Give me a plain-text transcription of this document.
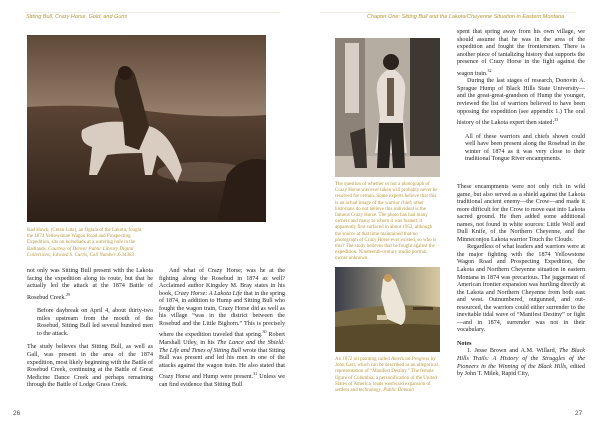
Sitting Bull, Crazy Horse, Gold, and Guns	Chapter One: Sitting Bull and the Lakota/Cheyenne Situation in Eastern Montana
Bad Hawk, (Cetan Luta), an Oglala of the Lakota, fought the 1874 Yellowstone Wagon Road and Prospecting Expedition, sits on horseback at a watering hole in the Badlands. Courtesy of Denver Public Library Digital Collections; Edward S. Curtis, Call Number X-34383

not only was Sitting Bull present with the Lakota facing the expedition along its route, but that he actually led the attack at the 1874 Battle of Rosebud Creek.$^{29}$

Before daybreak on April 4, about thirty-two miles upstream from the mouth of the Rosebud, Sitting Bull led several hundred men to the attack.

The study believes that Sitting Bull, as well as Gall, was present in the area of the 1874 expedition, most likely beginning with the Battle of Rosebud Creek, continuing at the Battle of Great Medicine Dance Creek and perhaps remaining through the Battle of Lodge Grass Creek.

And what of Crazy Horse; was he at the fighting along the Rosebud in 1874 as well? Acclaimed author Kingsley M. Bray states in his book, Crazy Horse: A Lakota Life that in the spring of 1874, in addition to Hump and Sitting Bull who fought the wagon train, Crazy Horse did as well as his village “was in the district between the Rosebud and the Little Bighorn.” This is precisely where the expedition traveled that spring.$^{30}$ Robert Marshall Utley, in his The Lance and the Shield: The Life and Times of Sitting Bull wrote that Sitting Bull was present and led his men in one of the attacks against the wagon train. He also stated that Crazy Horse and Hump were present.$^{31}$ Unless we can find evidence that Sitting Bull

26
The question of whether or not a photograph of Crazy Horse was ever taken will probably never be resolved for certain. Some experts believe that this is an actual image of the warrior chief; other historians do not believe this individual is the famous Crazy Horse. The photo has had many owners and many to whom it was loaned; it apparently first surfaced in about 1952, although the source at that time maintained that no photograph of Crazy Horse ever existed, so who is this? The study believes that he fought against the expedition. Nineteenth-century studio portrait, owner unknown.
An 1872 oil painting called American Progress by John Gast, which can be described as an allegorical representation of “Manifest Destiny.” The female figure of Columbia, a personification of the United States of America, leads westward expansion of settlers and technology. Public Domain

spent that spring away from his own village, we should assume that he was in the area of the expedition and fought the frontiersmen. There is another piece of tantalizing history that supports the presence of Crazy Horse in the fight against the wagon train.$^{32}$

During the last stages of research, Donovin A. Sprague Hump of Black Hills State University—and the great-great-grandson of Hump the younger, reviewed the list of warriors believed to have been opposing the expedition (see appendix 1.) The oral history of the Lakota expert then stated:$^{33}$

All of these warriors and chiefs shown could well have been present along the Rosebud in the winter of 1874 as it was very close to their traditional Tongue River encampments.

These encampments were not only rich in wild game, but also served as a shield against the Lakota traditional ancient enemy—the Crow—and made it more difficult for the Crow to move east into Lakota sacred ground. He then added some additional names, not found in white sources: Little Wolf and Dull Knife, of the Northern Cheyenne, and the Minneconjou Lakota warrior Touch the Clouds.

Regardless of what leaders and warriors were at the major fighting with the 1874 Yellowstone Wagon Road and Prospecting Expedition, the Lakota and Northern Cheyenne situation in eastern Montana in 1874 was precarious. The juggernaut of American frontier expansion was hurtling directly at the Lakota and Northern Cheyenne from both east and west. Outnumbered, outgunned, and out-resourced, the warriors could either surrender to the inevitable tidal wave of “Manifest Destiny” or fight—and in 1874, surrender was not in their vocabulary.

Notes

1. Jesse Brown and A.M. Willard, The Black Hills Trails: A History of the Struggles of the Pioneers in the Winning of the Black Hills, edited by John T. Milek, Rapid City,

27
